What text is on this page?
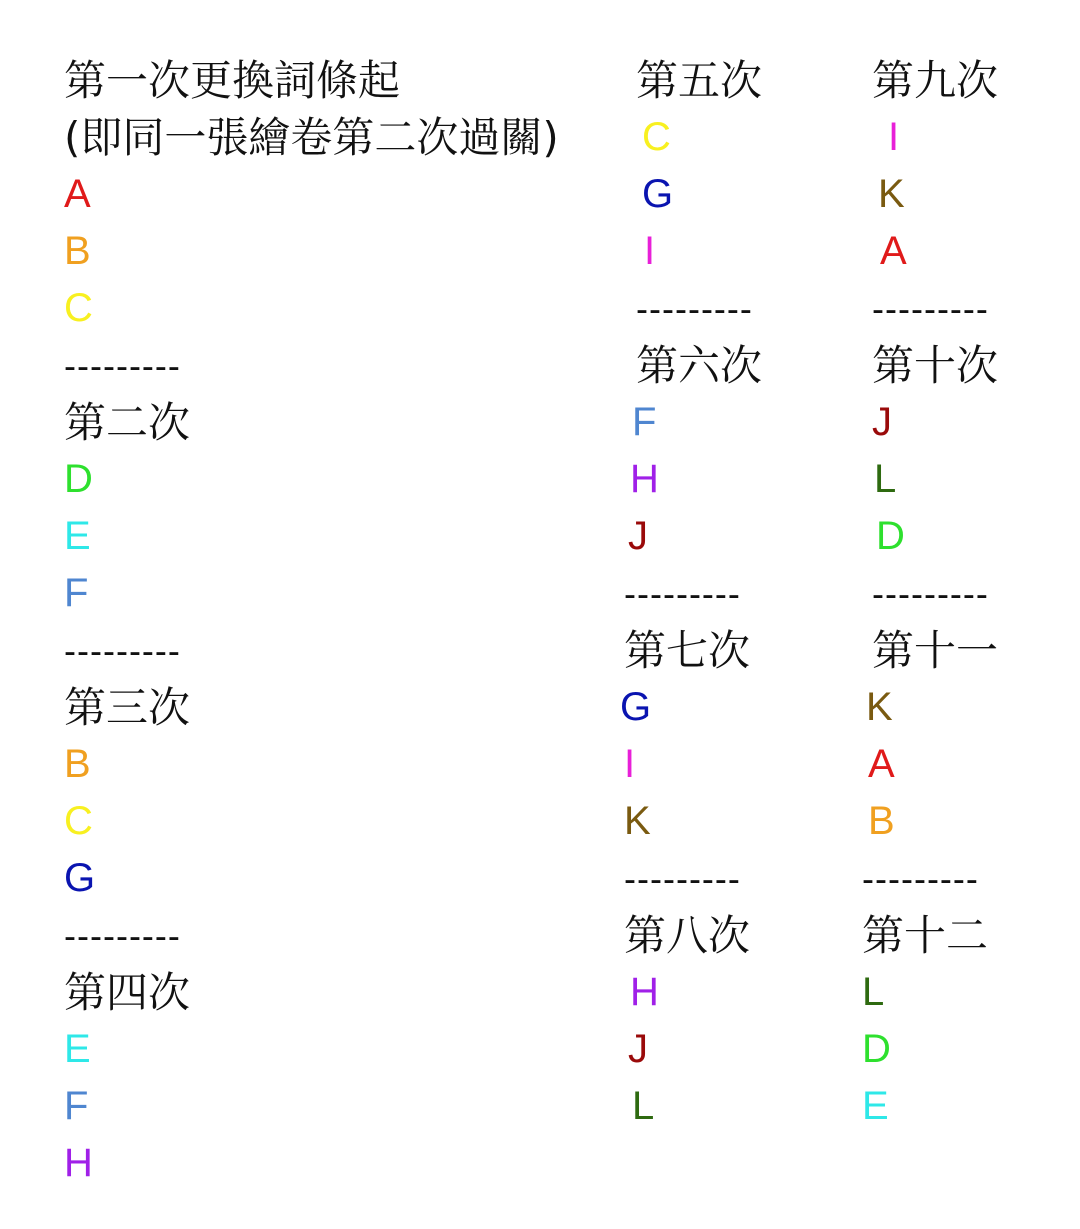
第一次更換詞條起
(即同一張繪卷第二次過關)
A
B
C
---------
第二次
D
E
F
---------
第三次
B
C
G
---------
第四次
E
F
H
第五次
C
G
I
---------
第六次
F
H
J
---------
第七次
G
I
K
---------
第八次
H
J
L
第九次
I
K
A
---------
第十次
J
L
D
---------
第十一
K
A
B
---------
第十二
L
D
E
